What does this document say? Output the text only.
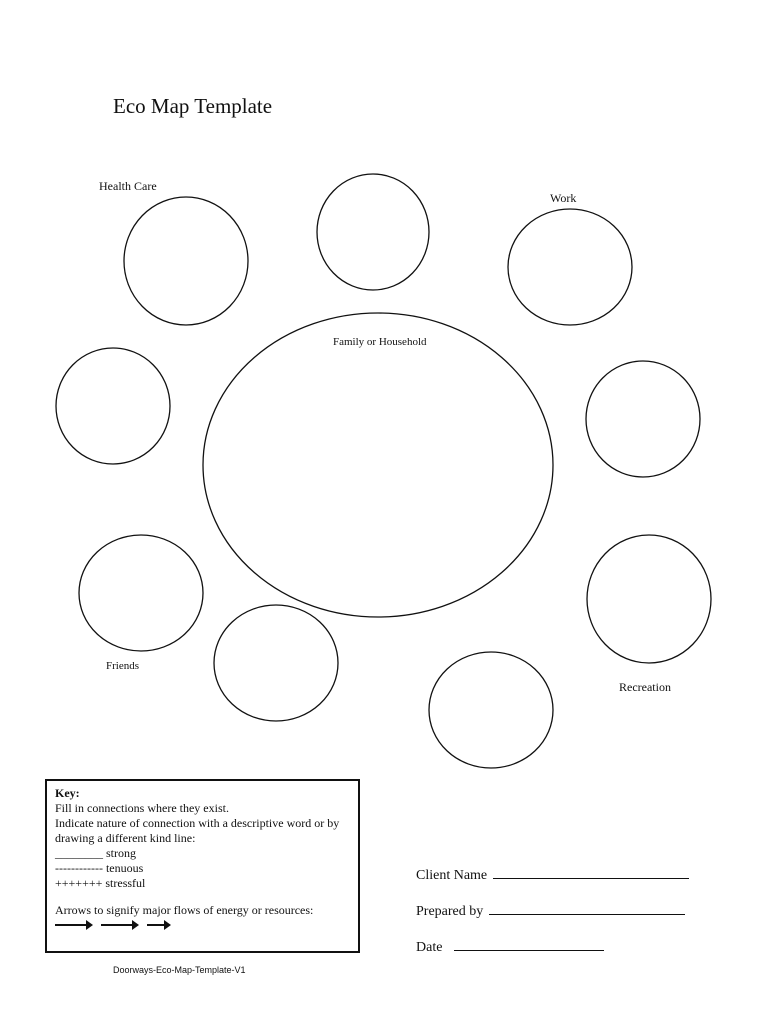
Eco Map Template
Health Care
Work
Friends
Recreation
Family or Household
Key:
Fill in connections where they exist.
Indicate nature of connection with a descriptive word or by
drawing a different kind line:
________ strong
------------ tenuous
+++++++ stressful
Arrows to signify major flows of energy or resources:
Client Name
Prepared by
Date
Doorways-Eco-Map-Template-V1
